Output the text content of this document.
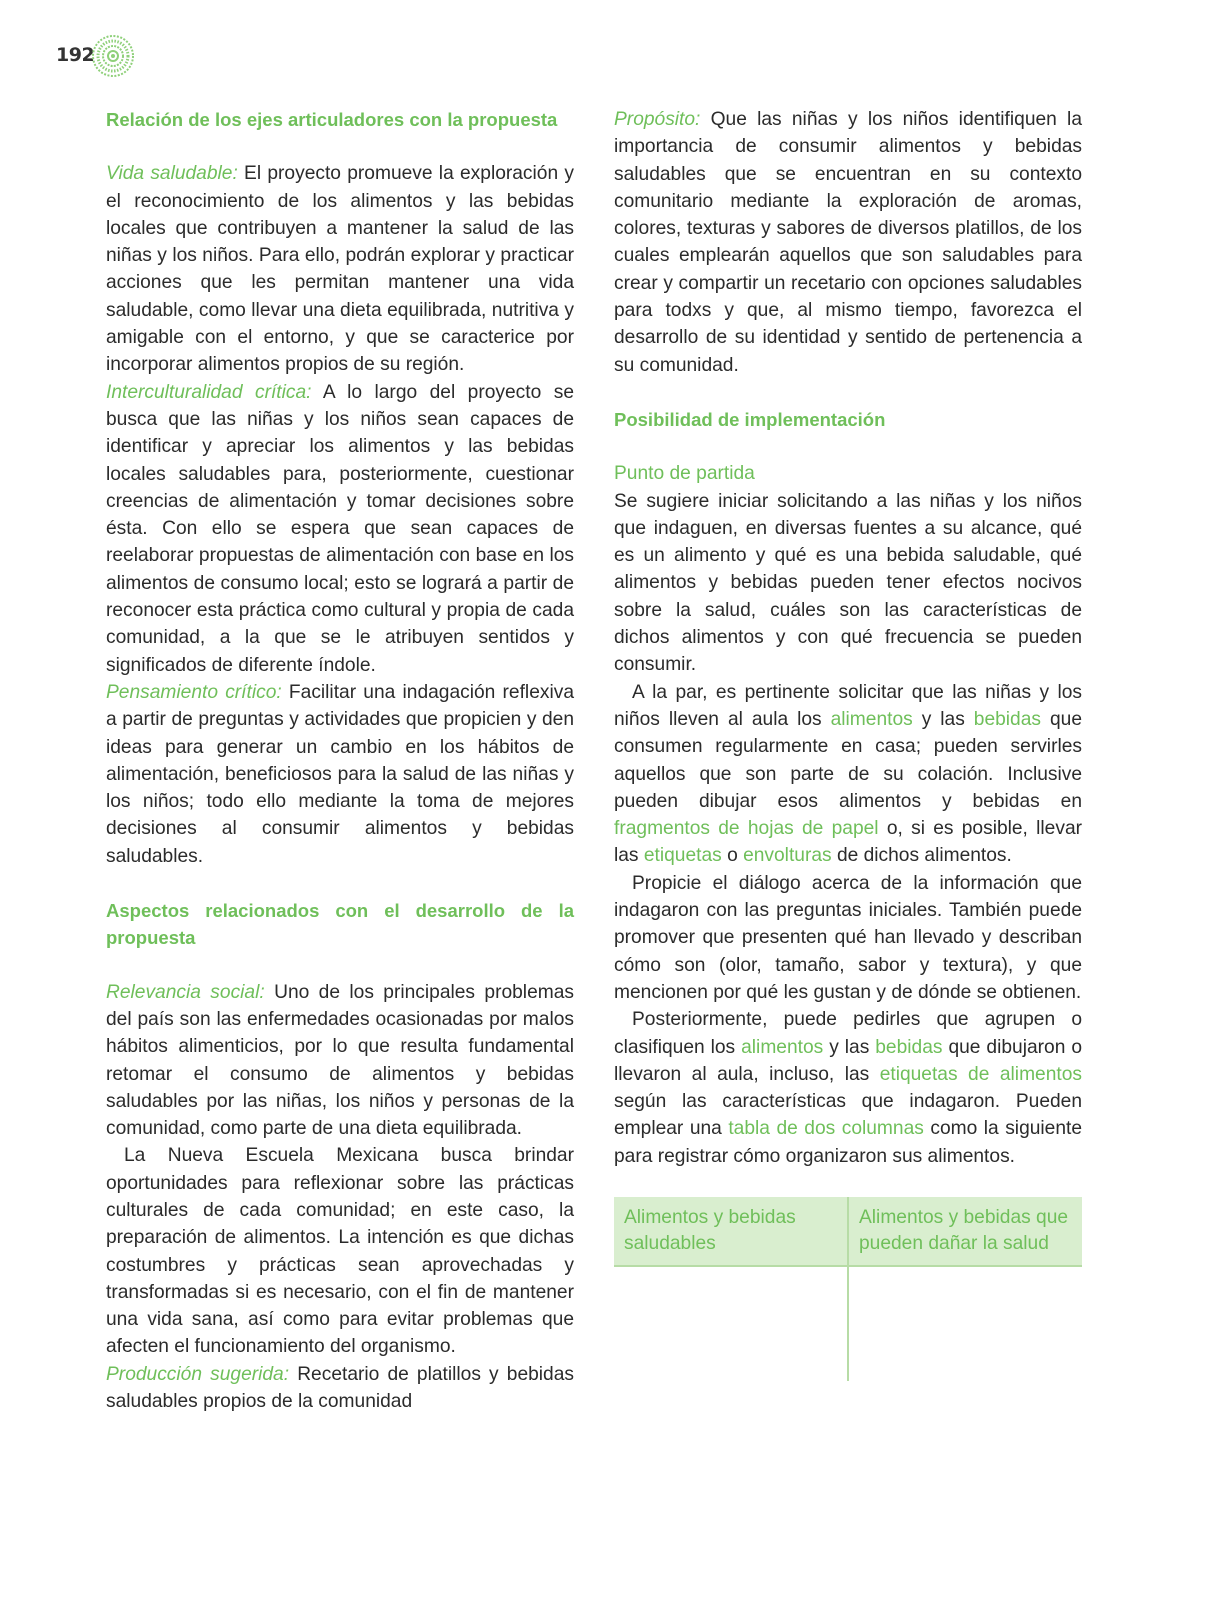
192

Relación de los ejes articuladores con la propuesta

Vida saludable: El proyecto promueve la exploración y el reconocimiento de los alimentos y las bebidas locales que contribuyen a mantener la salud de las niñas y los niños. Para ello, podrán explorar y practicar acciones que les permitan mantener una vida saludable, como llevar una dieta equilibrada, nutritiva y amigable con el entorno, y que se caracterice por incorporar alimentos propios de su región.

Interculturalidad crítica: A lo largo del proyecto se busca que las niñas y los niños sean capaces de identificar y apreciar los alimentos y las bebidas locales saludables para, posteriormente, cuestionar creencias de alimentación y tomar decisiones sobre ésta. Con ello se espera que sean capaces de reelaborar propuestas de alimentación con base en los alimentos de consumo local; esto se logrará a partir de reconocer esta práctica como cultural y propia de cada comunidad, a la que se le atribuyen sentidos y significados de diferente índole.

Pensamiento crítico: Facilitar una indagación reflexiva a partir de preguntas y actividades que propicien y den ideas para generar un cambio en los hábitos de alimentación, beneficiosos para la salud de las niñas y los niños; todo ello mediante la toma de mejores decisiones al consumir alimentos y bebidas saludables.

Aspectos relacionados con el desarrollo de la propuesta

Relevancia social: Uno de los principales problemas del país son las enfermedades ocasionadas por malos hábitos alimenticios, por lo que resulta fundamental retomar el consumo de alimentos y bebidas saludables por las niñas, los niños y personas de la comunidad, como parte de una dieta equilibrada.

La Nueva Escuela Mexicana busca brindar oportunidades para reflexionar sobre las prácticas culturales de cada comunidad; en este caso, la preparación de alimentos. La intención es que dichas costumbres y prácticas sean aprovechadas y transformadas si es necesario, con el fin de mantener una vida sana, así como para evitar problemas que afecten el funcionamiento del organismo.

Producción sugerida: Recetario de platillos y bebidas saludables propios de la comunidad

Propósito: Que las niñas y los niños identifiquen la importancia de consumir alimentos y bebidas saludables que se encuentran en su contexto comunitario mediante la exploración de aromas, colores, texturas y sabores de diversos platillos, de los cuales emplearán aquellos que son saludables para crear y compartir un recetario con opciones saludables para todxs y que, al mismo tiempo, favorezca el desarrollo de su identidad y sentido de pertenencia a su comunidad.

Posibilidad de implementación

Punto de partida

Se sugiere iniciar solicitando a las niñas y los niños que indaguen, en diversas fuentes a su alcance, qué es un alimento y qué es una bebida saludable, qué alimentos y bebidas pueden tener efectos nocivos sobre la salud, cuáles son las características de dichos alimentos y con qué frecuencia se pueden consumir.

A la par, es pertinente solicitar que las niñas y los niños lleven al aula los alimentos y las bebidas que consumen regularmente en casa; pueden servirles aquellos que son parte de su colación. Inclusive pueden dibujar esos alimentos y bebidas en fragmentos de hojas de papel o, si es posible, llevar las etiquetas o envolturas de dichos alimentos.

Propicie el diálogo acerca de la información que indagaron con las preguntas iniciales. También puede promover que presenten qué han llevado y describan cómo son (olor, tamaño, sabor y textura), y que mencionen por qué les gustan y de dónde se obtienen.

Posteriormente, puede pedirles que agrupen o clasifiquen los alimentos y las bebidas que dibujaron o llevaron al aula, incluso, las etiquetas de alimentos según las características que indagaron. Pueden emplear una tabla de dos columnas como la siguiente para registrar cómo organizaron sus alimentos.

Alimentos y bebidas saludables	Alimentos y bebidas que pueden dañar la salud
